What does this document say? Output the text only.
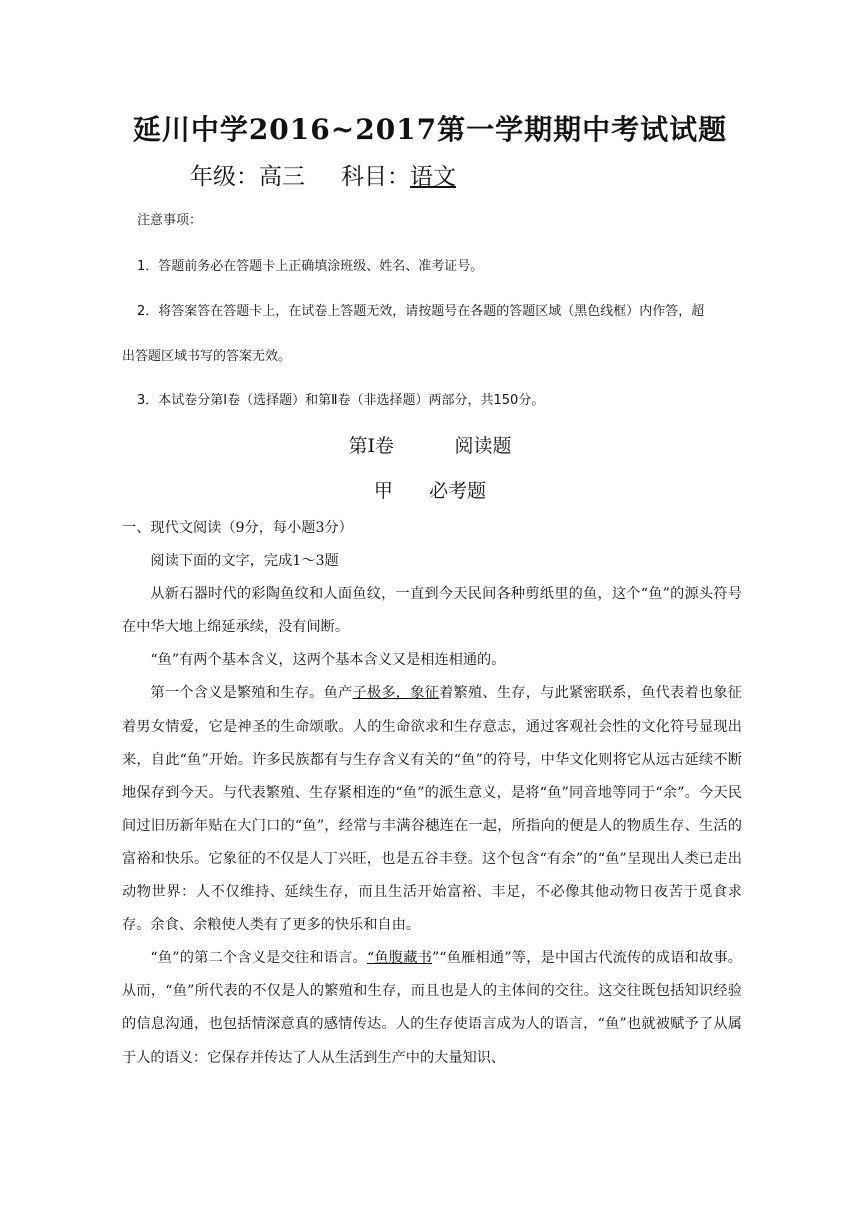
延川中学2016~2017第一学期期中考试试题
年级：高三 科目：语文
注意事项：
1．答题前务必在答题卡上正确填涂班级、姓名、准考证号。
2．将答案答在答题卡上，在试卷上答题无效，请按题号在各题的答题区域（黑色线框）内作答，超
出答题区域书写的答案无效。
3．本试卷分第Ⅰ卷（选择题）和第Ⅱ卷（非选择题）两部分，共150分。
第Ⅰ卷          阅读题
甲      必考题

一、现代文阅读（9分，每小题3分）

阅读下面的文字，完成1～3题

从新石器时代的彩陶鱼纹和人面鱼纹，一直到今天民间各种剪纸里的鱼，这个“鱼”的源头符号在中华大地上绵延承续，没有间断。

“鱼”有两个基本含义，这两个基本含义又是相连相通的。

第一个含义是繁殖和生存。鱼产子极多，象征着繁殖、生存，与此紧密联系，鱼代表着也象征着男女情爱，它是神圣的生命颂歌。人的生命欲求和生存意志，通过客观社会性的文化符号显现出来，自此“鱼”开始。许多民族都有与生存含义有关的“鱼”的符号，中华文化则将它从远古延续不断地保存到今天。与代表繁殖、生存紧相连的“鱼”的派生意义，是将“鱼”同音地等同于“余”。今天民间过旧历新年贴在大门口的“鱼”，经常与丰满谷穗连在一起，所指向的便是人的物质生存、生活的富裕和快乐。它象征的不仅是人丁兴旺，也是五谷丰登。这个包含“有余”的“鱼”呈现出人类已走出动物世界：人不仅维持、延续生存，而且生活开始富裕、丰足，不必像其他动物日夜苦于觅食求存。余食、余粮使人类有了更多的快乐和自由。

“鱼”的第二个含义是交往和语言。“鱼腹藏书”“鱼雁相通”等，是中国古代流传的成语和故事。从而，“鱼”所代表的不仅是人的繁殖和生存，而且也是人的主体间的交往。这交往既包括知识经验的信息沟通，也包括情深意真的感情传达。人的生存使语言成为人的语言，“鱼”也就被赋予了从属于人的语义：它保存并传达了人从生活到生产中的大量知识、
